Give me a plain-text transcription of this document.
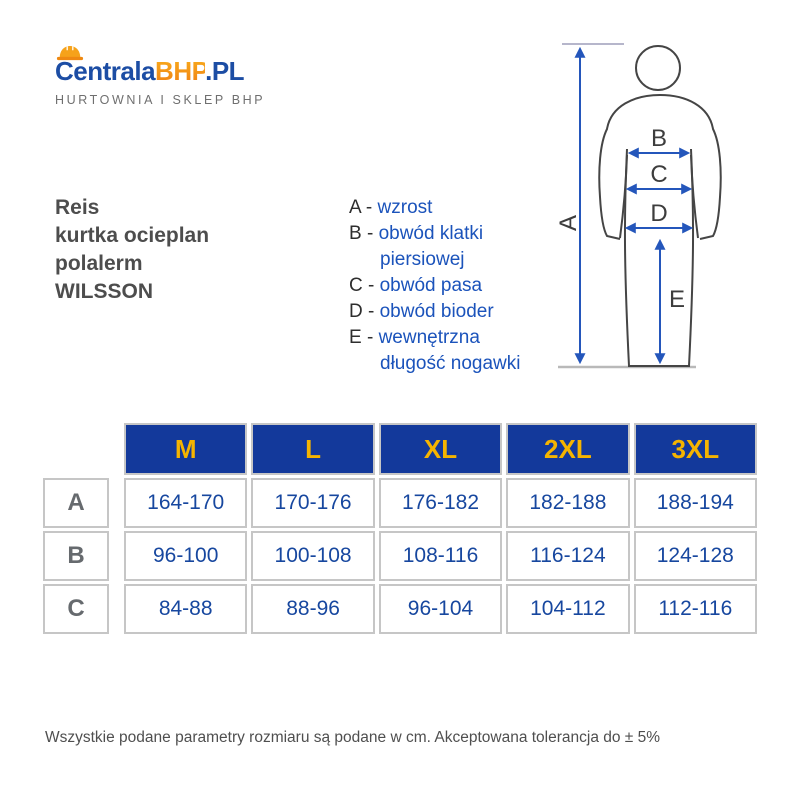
CentralaBHP.PL
HURTOWNIA I SKLEP BHP
Reis
kurtka ocieplan
polalerm
WILSSON
A - wzrost
B - obwód klatki
piersiowej
C - obwód pasa
D - obwód bioder
E - wewnętrzna
długość nogawki
A
B
C
D
E
M	L	XL	2XL	3XL
A	164-170	170-176	176-182	182-188	188-194
B	96-100	100-108	108-116	116-124	124-128
C	84-88	88-96	96-104	104-112	112-116
Wszystkie podane parametry rozmiaru są podane w cm. Akceptowana tolerancja do ± 5%
